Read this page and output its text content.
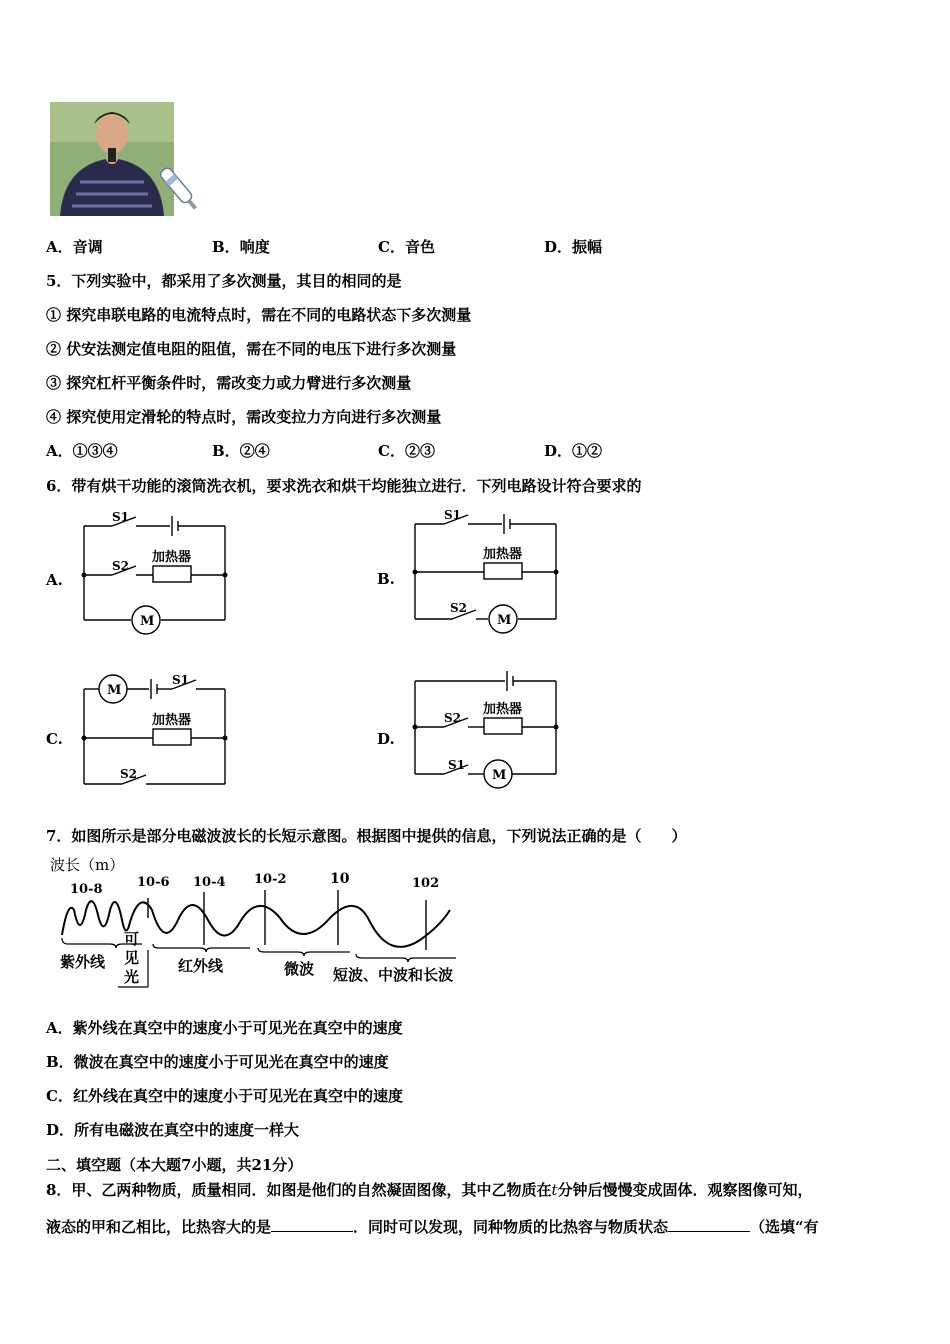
A．音调	B．响度	C．音色	D．振幅
5．下列实验中，都采用了多次测量，其目的相同的是
① 探究串联电路的电流特点时，需在不同的电路状态下多次测量
② 伏安法测定值电阻的阻值，需在不同的电压下进行多次测量
③ 探究杠杆平衡条件时，需改变力或力臂进行多次测量
④ 探究使用定滑轮的特点时，需改变拉力方向进行多次测量
A．①③④	B．②④	C．②③	D．①②
6．带有烘干功能的滚筒洗衣机，要求洗衣和烘干均能独立进行．下列电路设计符合要求的
A.
S1
S2
加热器
M
B.
S1
S2
加热器
M
C.
S1
S2
加热器
M
D.
S2
S1
加热器
M
7．如图所示是部分电磁波波长的长短示意图。根据图中提供的信息，下列说法正确的是（　　）
波长（m）
10-8	10-6 10-4 10-2	10	102
紫外线
可
见
光
红外线	微波 短波、中波和长波
A．紫外线在真空中的速度小于可见光在真空中的速度
B．微波在真空中的速度小于可见光在真空中的速度
C．红外线在真空中的速度小于可见光在真空中的速度
D．所有电磁波在真空中的速度一样大
二、填空题（本大题7小题，共21分）
8．甲、乙两种物质，质量相同．如图是他们的自然凝固图像，其中乙物质在t分钟后慢慢变成固体．观察图像可知，
液态的甲和乙相比，比热容大的是	．同时可以发现，同种物质的比热容与物质状态	（选填“有
